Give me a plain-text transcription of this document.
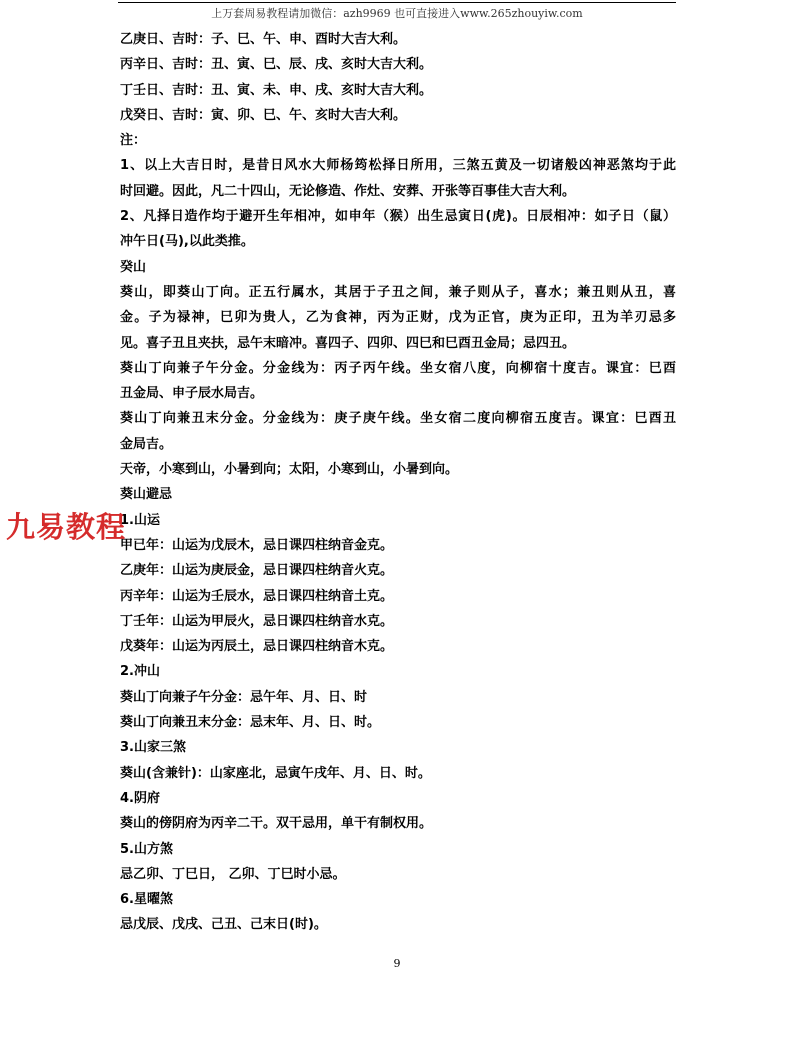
上万套周易教程请加微信：azh9969 也可直接进入www.265zhouyiw.com
乙庚日、吉时：子、巳、午、申、酉时大吉大利。
丙辛日、吉时：丑、寅、巳、辰、戌、亥时大吉大利。
丁壬日、吉时：丑、寅、未、申、戌、亥时大吉大利。
戊癸日、吉时：寅、卯、巳、午、亥时大吉大利。
注：
1、以上大吉日时，是昔日风水大师杨筠松择日所用，三煞五黄及一切诸般凶神恶煞均于此
时回避。因此，凡二十四山，无论修造、作灶、安葬、开张等百事佳大吉大利。
2、凡择日造作均于避开生年相冲，如申年（猴）出生忌寅日(虎)。日辰相冲：如子日（鼠）
冲午日(马),以此类推。
癸山
葵山，即葵山丁向。正五行属水，其居于子丑之间，兼子则从子，喜水；兼丑则从丑，喜
金。子为禄神，巳卯为贵人，乙为食神，丙为正财，戊为正官，庚为正印，丑为羊刃忌多
见。喜子丑且夹扶，忌午末暗冲。喜四子、四卯、四巳和巳酉丑金局；忌四丑。
葵山丁向兼子午分金。分金线为：丙子丙午线。坐女宿八度，向柳宿十度吉。课宜：巳酉
丑金局、申子辰水局吉。
葵山丁向兼丑末分金。分金线为：庚子庚午线。坐女宿二度向柳宿五度吉。课宜：巳酉丑
金局吉。
天帝，小寒到山，小暑到向；太阳，小寒到山，小暑到向。
葵山避忌
1.山运
甲已年：山运为戊辰木，忌日课四柱纳音金克。
乙庚年：山运为庚辰金，忌日课四柱纳音火克。
丙辛年：山运为壬辰水，忌日课四柱纳音土克。
丁壬年：山运为甲辰火，忌日课四柱纳音水克。
戊葵年：山运为丙辰土，忌日课四柱纳音木克。
2.冲山
葵山丁向兼子午分金：忌午年、月、日、时
葵山丁向兼丑末分金：忌末年、月、日、时。
3.山家三煞
葵山(含兼针)：山家座北，忌寅午戌年、月、日、时。
4.阴府
葵山的傍阴府为丙辛二干。双干忌用，单干有制权用。
5.山方煞
忌乙卯、丁巳日， 乙卯、丁巳时小忌。
6.星曜煞
忌戊辰、戊戌、己丑、己末日(时)。
九易教程
9
